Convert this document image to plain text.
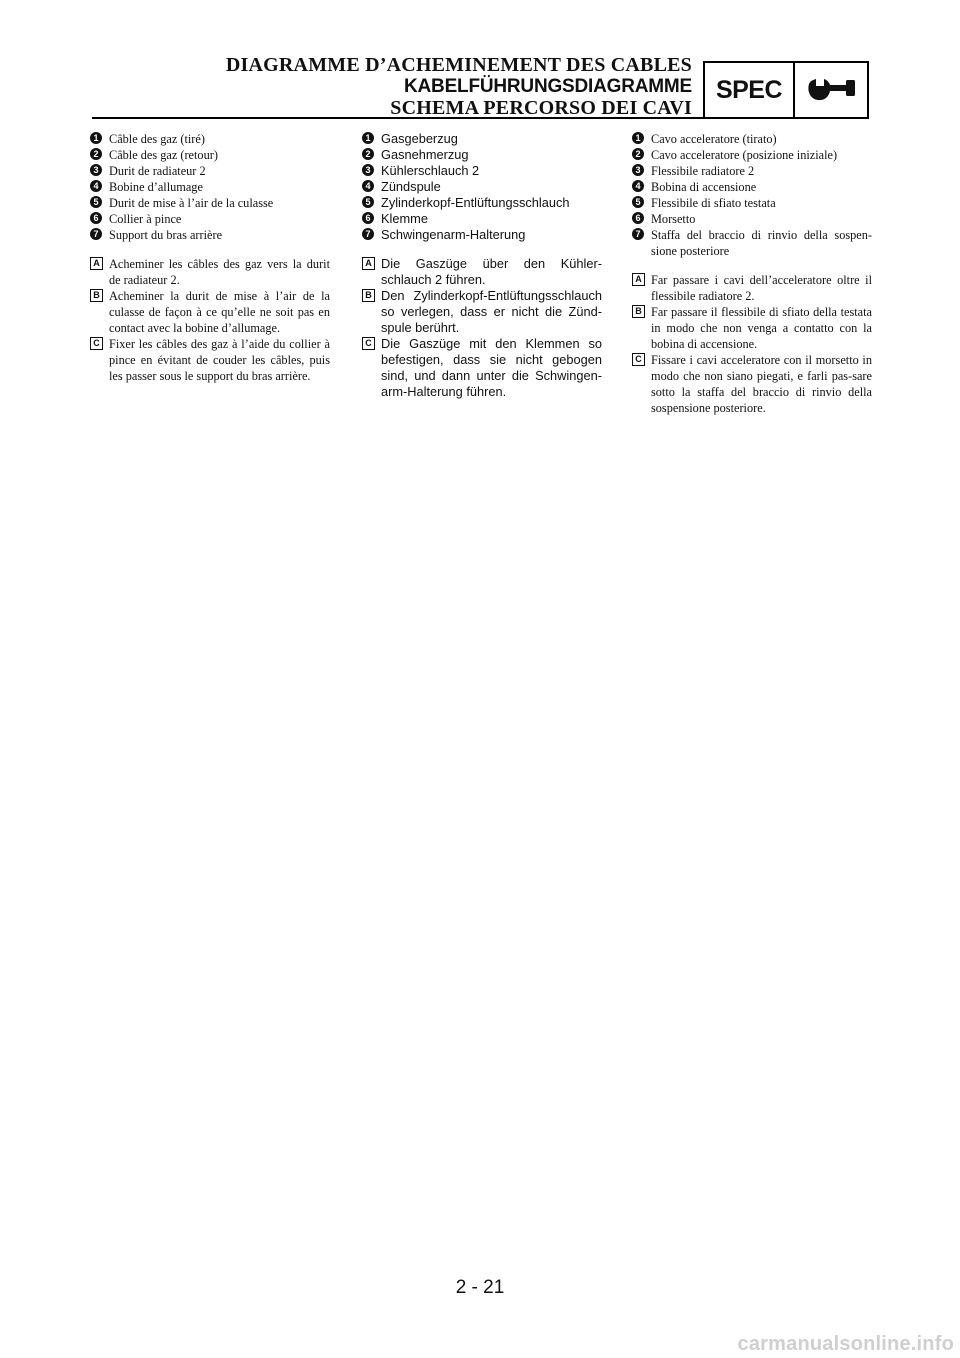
DIAGRAMME D’ACHEMINEMENT DES CABLES
KABELFÜHRUNGSDIAGRAMME
SCHEMA PERCORSO DEI CAVI
SPEC
1 Câble des gaz (tiré)
2 Câble des gaz (retour)
3 Durit de radiateur 2
4 Bobine d’allumage
5 Durit de mise à l’air de la culasse
6 Collier à pince
7 Support du bras arrière
A Acheminer les câbles des gaz vers la durit de radiateur 2.
B Acheminer la durit de mise à l’air de la culasse de façon à ce qu’elle ne soit pas en contact avec la bobine d’allumage.
C Fixer les câbles des gaz à l’aide du collier à pince en évitant de couder les câbles, puis les passer sous le support du bras arrière.
1 Gasgeberzug
2 Gasnehmerzug
3 Kühlerschlauch 2
4 Zündspule
5 Zylinderkopf-Entlüftungsschlauch
6 Klemme
7 Schwingenarm-Halterung
A Die Gaszüge über den Kühler-schlauch 2 führen.
B Den Zylinderkopf-Entlüftungsschlauch so verlegen, dass er nicht die Zünd-spule berührt.
C Die Gaszüge mit den Klemmen so befestigen, dass sie nicht gebogen sind, und dann unter die Schwingen-arm-Halterung führen.
1 Cavo acceleratore (tirato)
2 Cavo acceleratore (posizione iniziale)
3 Flessibile radiatore 2
4 Bobina di accensione
5 Flessibile di sfiato testata
6 Morsetto
7 Staffa del braccio di rinvio della sospen-sione posteriore
A Far passare i cavi dell’acceleratore oltre il flessibile radiatore 2.
B Far passare il flessibile di sfiato della testata in modo che non venga a contatto con la bobina di accensione.
C Fissare i cavi acceleratore con il morsetto in modo che non siano piegati, e farli pas-sare sotto la staffa del braccio di rinvio della sospensione posteriore.
2 - 21
carmanualsonline.info
